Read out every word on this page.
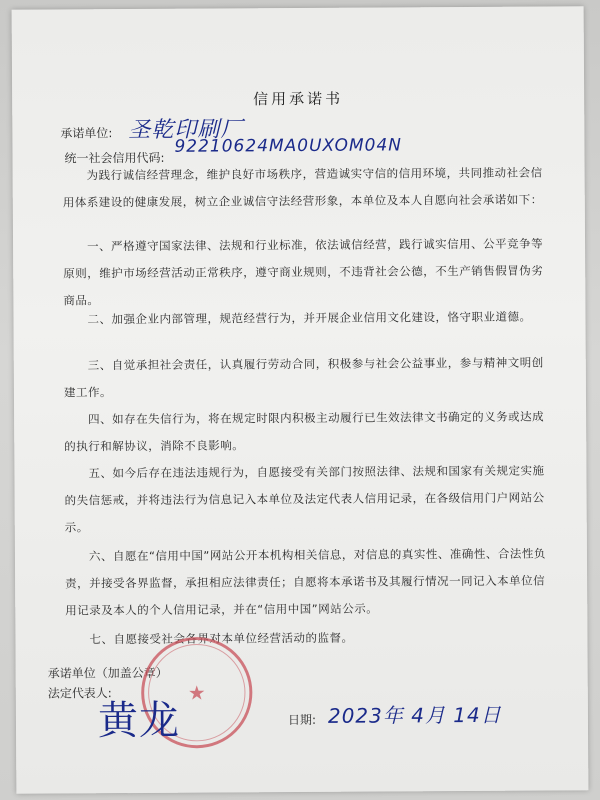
信用承诺书
承诺单位: 圣乾印刷厂
统一社会信用代码:
92210624MA0UXOM04N
为践行诚信经营理念，维护良好市场秩序，营造诚实守信的信用环境，共同推动社会信用体系建设的健康发展，树立企业诚信守法经营形象，本单位及本人自愿向社会承诺如下：
一、严格遵守国家法律、法规和行业标准，依法诚信经营，践行诚实信用、公平竞争等原则，维护市场经营活动正常秩序，遵守商业规则，不违背社会公德，不生产销售假冒伪劣商品。
二、加强企业内部管理，规范经营行为，并开展企业信用文化建设，恪守职业道德。
三、自觉承担社会责任，认真履行劳动合同，积极参与社会公益事业，参与精神文明创建工作。
四、如存在失信行为，将在规定时限内积极主动履行已生效法律文书确定的义务或达成的执行和解协议，消除不良影响。
五、如今后存在违法违规行为，自愿接受有关部门按照法律、法规和国家有关规定实施的失信惩戒，并将违法行为信息记入本单位及法定代表人信用记录，在各级信用门户网站公示。
六、自愿在“信用中国”网站公开本机构相关信息，对信息的真实性、准确性、合法性负责，并接受各界监督，承担相应法律责任；自愿将本承诺书及其履行情况一同记入本单位信用记录及本人的个人信用记录，并在“信用中国”网站公示。
七、自愿接受社会各界对本单位经营活动的监督。
承诺单位（加盖公章）
法定代表人:	★
黄龙	日期: 2023年 4月 14日
